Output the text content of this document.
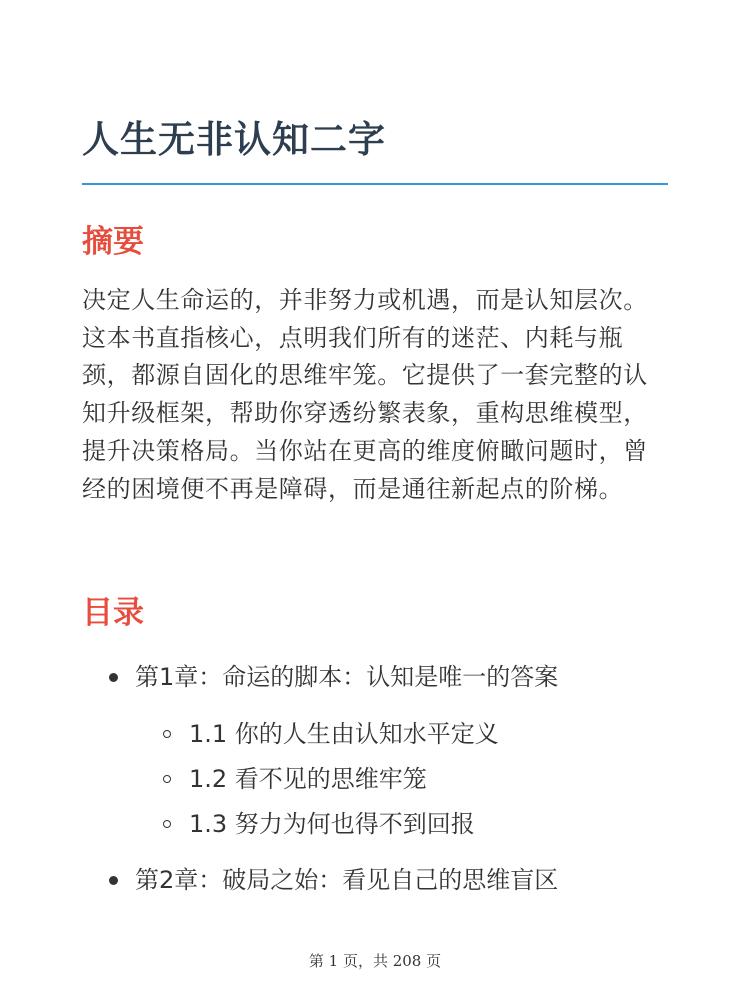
人生无非认知二字
摘要

决定人生命运的，并非努力或机遇，而是认知层次。这本书直指核心，点明我们所有的迷茫、内耗与瓶颈，都源自固化的思维牢笼。它提供了一套完整的认知升级框架，帮助你穿透纷繁表象，重构思维模型，提升决策格局。当你站在更高的维度俯瞰问题时，曾经的困境便不再是障碍，而是通往新起点的阶梯。

目录
第1章：命运的脚本：认知是唯一的答案
1.1 你的人生由认知水平定义
1.2 看不见的思维牢笼
1.3 努力为何也得不到回报
第2章：破局之始：看见自己的思维盲区
第 1 页，共 208 页
